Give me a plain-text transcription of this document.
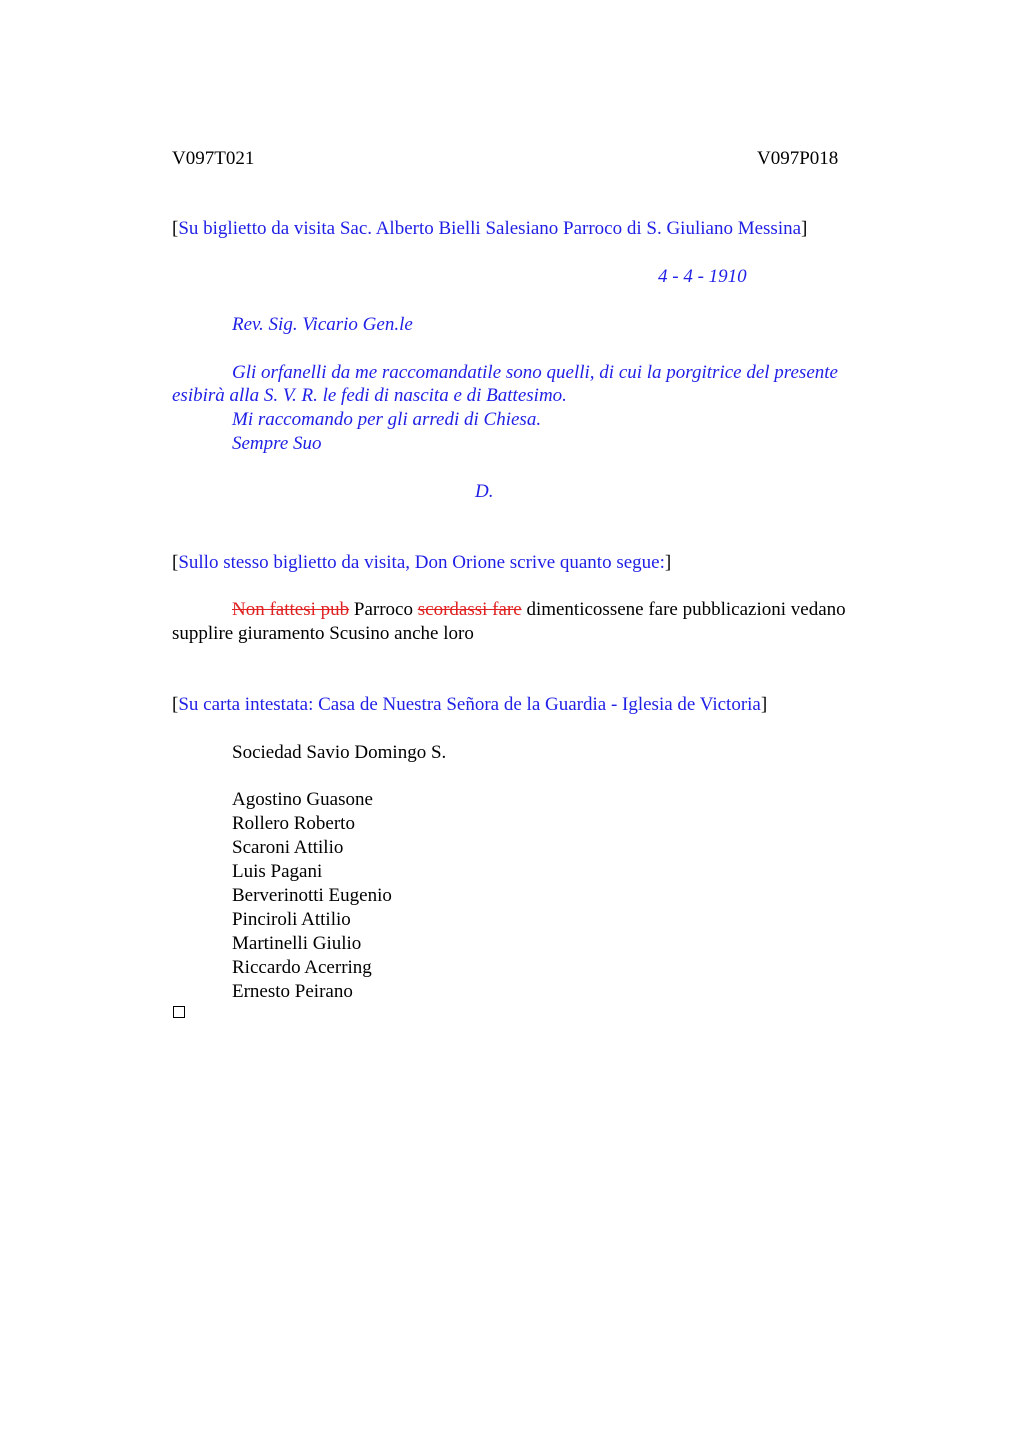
V097T021	V097P018
[Su biglietto da visita Sac. Alberto Bielli Salesiano Parroco di S. Giuliano Messina]
4 - 4 - 1910
Rev. Sig. Vicario Gen.le
Gli orfanelli da me raccomandatile sono quelli, di cui la porgitrice del presente
esibirà alla S. V. R. le fedi di nascita e di Battesimo.
Mi raccomando per gli arredi di Chiesa.
Sempre Suo
D.
[Sullo stesso biglietto da visita, Don Orione scrive quanto segue:]
Non fattesi pub Parroco scordassi fare dimenticossene fare pubblicazioni vedano
supplire giuramento Scusino anche loro
[Su carta intestata: Casa de Nuestra Señora de la Guardia - Iglesia de Victoria]
Sociedad Savio Domingo S.
Agostino Guasone
Rollero Roberto
Scaroni Attilio
Luis Pagani
Berverinotti Eugenio
Pinciroli Attilio
Martinelli Giulio
Riccardo Acerring
Ernesto Peirano
